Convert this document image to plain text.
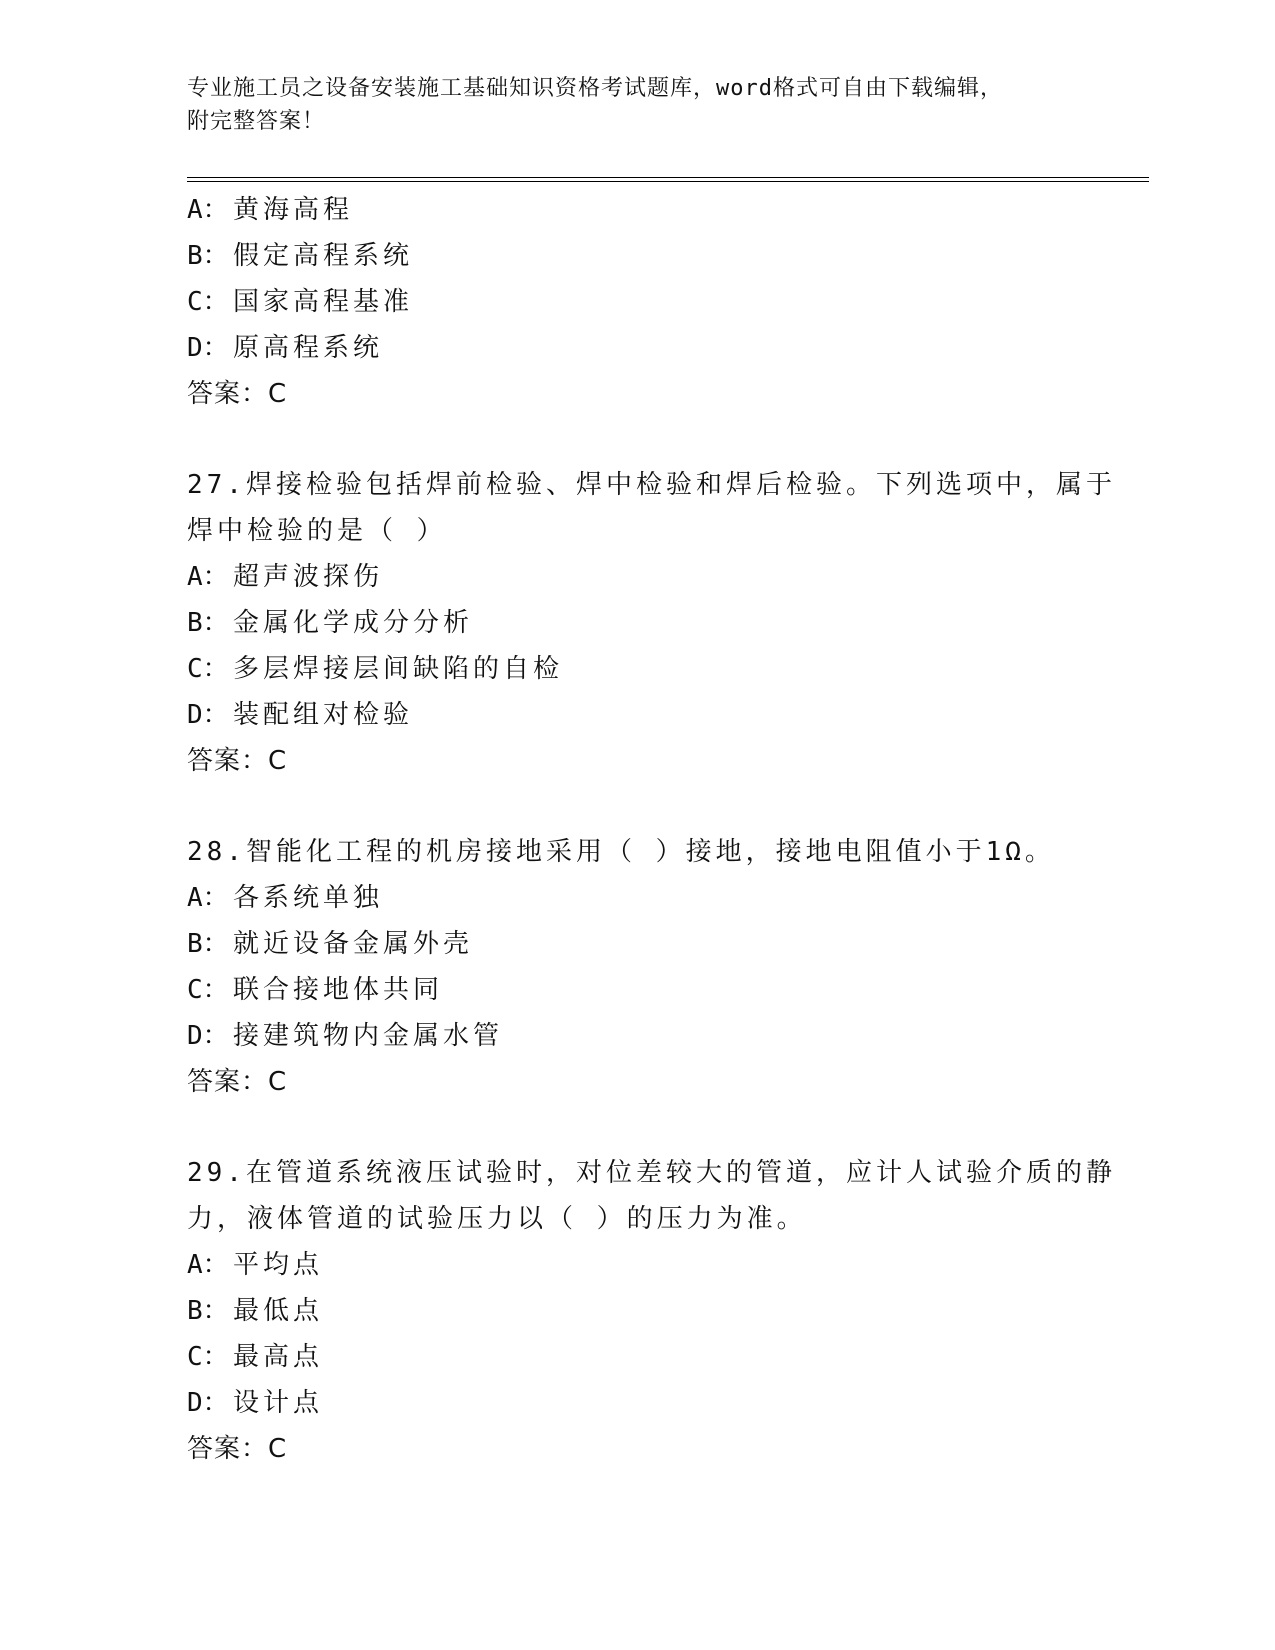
专业施工员之设备安装施工基础知识资格考试题库，word格式可自由下载编辑，
附完整答案！
A： 黄海高程
B： 假定高程系统
C： 国家高程基准
D： 原高程系统
答案：C
27.焊接检验包括焊前检验、焊中检验和焊后检验。下列选项中，属于
焊中检验的是（ ）
A： 超声波探伤
B： 金属化学成分分析
C： 多层焊接层间缺陷的自检
D： 装配组对检验
答案：C
28.智能化工程的机房接地采用（ ）接地，接地电阻值小于1Ω。
A： 各系统单独
B： 就近设备金属外壳
C： 联合接地体共同
D： 接建筑物内金属水管
答案：C
29.在管道系统液压试验时，对位差较大的管道，应计人试验介质的静
力，液体管道的试验压力以（ ）的压力为准。
A： 平均点
B： 最低点
C： 最高点
D： 设计点
答案：C
